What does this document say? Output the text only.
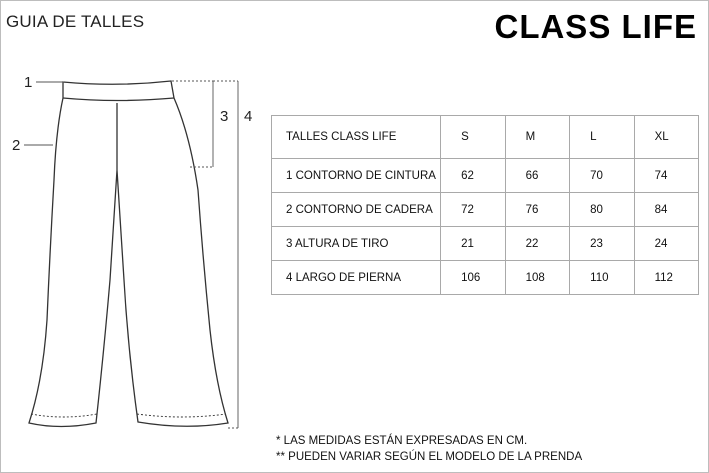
GUIA DE TALLES	CLASS LIFE
1
2
3 4
TALLES CLASS LIFE	S	M	L	XL
1 CONTORNO DE CINTURA	62	66	70	74
2 CONTORNO DE CADERA	72	76	80	84
3 ALTURA DE TIRO	21	22	23	24
4 LARGO DE PIERNA	106	108	110	112
* LAS MEDIDAS ESTÁN EXPRESADAS EN CM.
** PUEDEN VARIAR SEGÚN EL MODELO DE LA PRENDA
